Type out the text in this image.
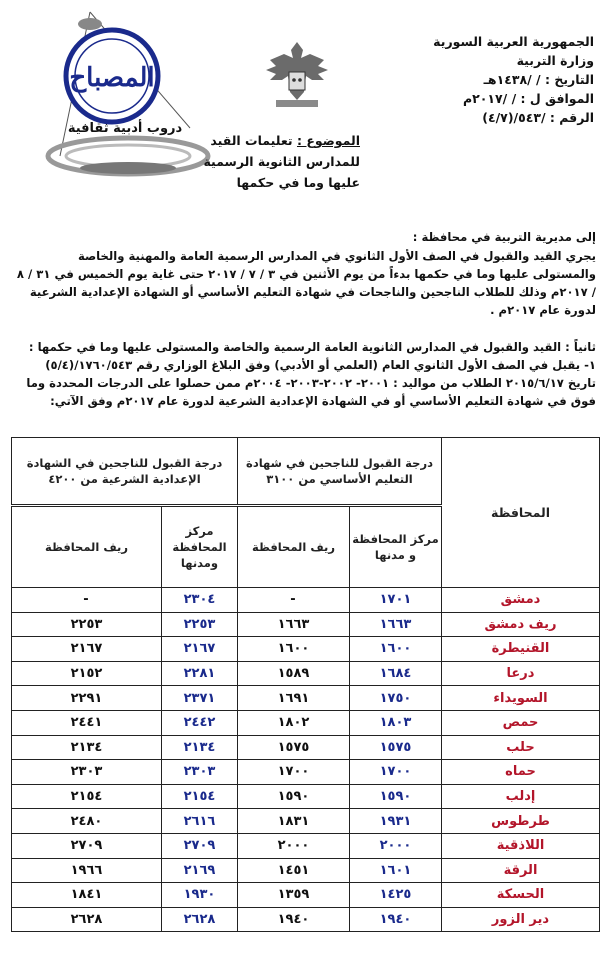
الجمهورية العربية السورية
وزارة التربية
التاريخ : / /١٤٣٨هـ
الموافق ل : / /٢٠١٧م
الرقم : /٥٤٣/(٤/٧)
المصباح
دروب أدبية ثقافية
الموضوع : تعليمات القيد
للمدارس الثانوية الرسمية
عليها وما في حكمها
إلى مديرية التربية في محافظة :
يجري القيد والقبول في الصف الأول الثانوي في المدارس الرسمية العامة والمهنية والخاصة والمستولى عليها وما في حكمها بدءاً من يوم الأثنين في ٣ / ٧ / ٢٠١٧ حتى غاية يوم الخميس في ٣١ / ٨ / ٢٠١٧م وذلك للطلاب الناجحين والناجحات في شهادة التعليم الأساسي أو الشهادة الإعدادية الشرعية لدورة عام ٢٠١٧م .
ثانياً : القيد والقبول في المدارس الثانوية العامة الرسمية والخاصة والمستولى عليها وما في حكمها :
١- يقبل في الصف الأول الثانوي العام (العلمي أو الأدبي) وفق البلاغ الوزاري رقم ١٧٦٠/٥٤٣/(٥/٤) تاريخ ٢٠١٥/٦/١٧ الطلاب من مواليد : ٢٠٠١- ٢٠٠٢-٢٠٠٣- ٢٠٠٤م ممن حصلوا على الدرجات المحددة وما فوق في شهادة التعليم الأساسي أو في الشهادة الإعدادية الشرعية لدورة عام ٢٠١٧م وفق الآتي:
المحافظة	درجة القبول للناجحين في شهادة التعليم الأساسي من ٣١٠٠		درجة القبول للناجحين في الشهادة الإعدادية الشرعية من ٤٢٠٠	
	مركز المحافظة و مدنها	ريف المحافظة	مركز المحافظة ومدنها	ريف المحافظة
دمشق	١٧٠١	-	٢٣٠٤	-
ريف دمشق	١٦٦٣	١٦٦٣	٢٢٥٣	٢٢٥٣
القنيطرة	١٦٠٠	١٦٠٠	٢١٦٧	٢١٦٧
درعا	١٦٨٤	١٥٨٩	٢٢٨١	٢١٥٢
السويداء	١٧٥٠	١٦٩١	٢٣٧١	٢٢٩١
حمص	١٨٠٣	١٨٠٢	٢٤٤٢	٢٤٤١
حلب	١٥٧٥	١٥٧٥	٢١٣٤	٢١٣٤
حماه	١٧٠٠	١٧٠٠	٢٣٠٣	٢٣٠٣
إدلب	١٥٩٠	١٥٩٠	٢١٥٤	٢١٥٤
طرطوس	١٩٣١	١٨٣١	٢٦١٦	٢٤٨٠
اللاذقية	٢٠٠٠	٢٠٠٠	٢٧٠٩	٢٧٠٩
الرقة	١٦٠١	١٤٥١	٢١٦٩	١٩٦٦
الحسكة	١٤٢٥	١٣٥٩	١٩٣٠	١٨٤١
دير الزور	١٩٤٠	١٩٤٠	٢٦٢٨	٢٦٢٨
